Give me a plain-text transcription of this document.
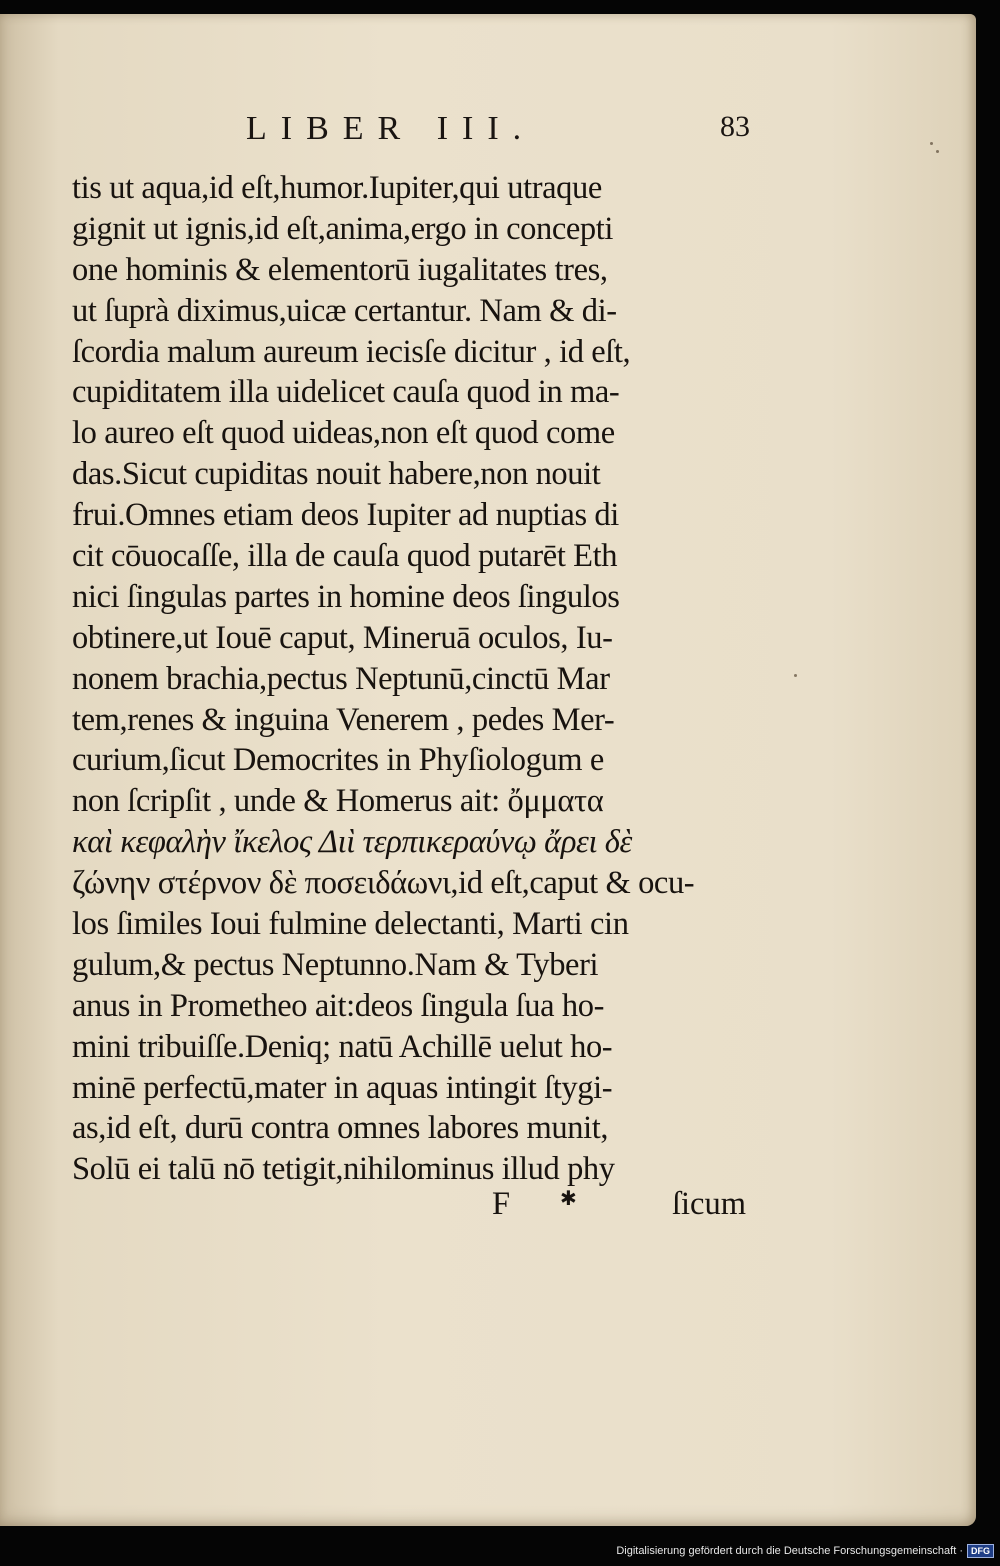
LIBER III.	83
tis ut aqua,id eſt,humor.Iupiter,qui utraque
gignit ut ignis,id eſt,anima,ergo in concepti
one hominis & elementorū iugalitates tres,
ut ſuprà diximus,uicæ certantur. Nam & di-
ſcordia malum aureum iecisſe dicitur , id eſt,
cupiditatem illa uidelicet cauſa quod in ma-
lo aureo eſt quod uideas,non eſt quod come
das.Sicut cupiditas nouit habere,non nouit
frui.Omnes etiam deos Iupiter ad nuptias di
cit cōuocaſſe, illa de cauſa quod putarēt Eth
nici ſingulas partes in homine deos ſingulos
obtinere,ut Iouē caput, Mineruā oculos, Iu-
nonem brachia,pectus Neptunū,cinctū Mar
tem,renes & inguina Venerem , pedes Mer-
curium,ſicut Democrites in Phyſiologum e
non ſcripſit , unde & Homerus ait: ὄμματα
καὶ κεφαλὴν ἴκελος Διὶ τερπικεραύνῳ ἄρει δὲ
ζώνην στέρνον δὲ ποσειδάωνι,id eſt,caput & ocu-
los ſimiles Ioui fulmine delectanti, Marti cin
gulum,& pectus Neptunno.Nam & Tyberi
anus in Prometheo ait:deos ſingula ſua ho-
mini tribuiſſe.Deniq; natū Achillē uelut ho-
minē perfectū,mater in aquas intingit ſtygi-
as,id eſt, durū contra omnes labores munit,
Solū ei talū nō tetigit,nihilominus illud phy
F ✱	ſicum
Digitalisierung gefördert durch die Deutsche Forschungsgemeinschaft · DFG
